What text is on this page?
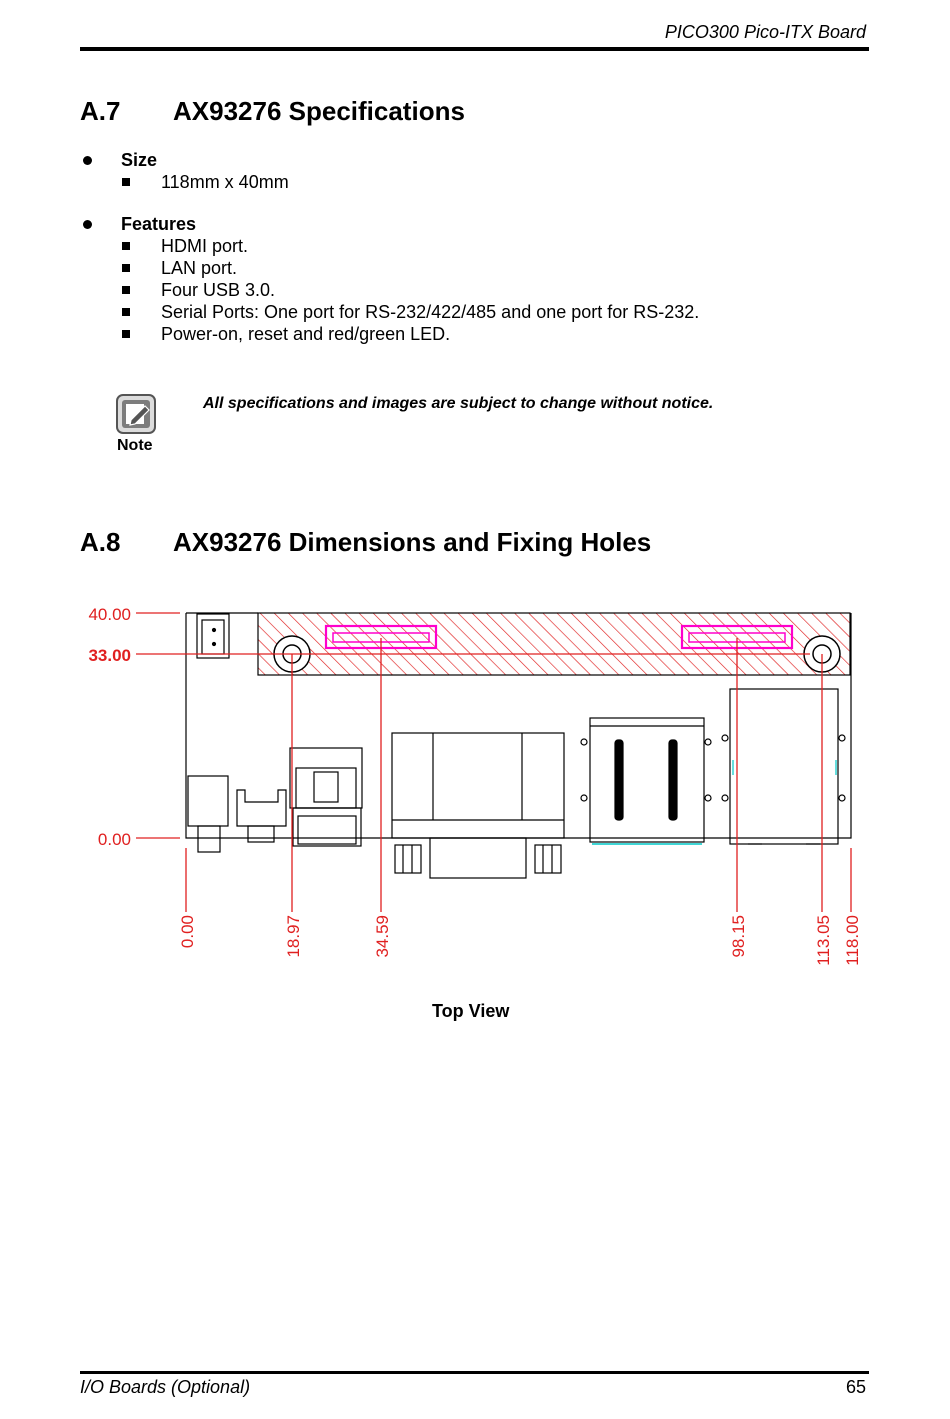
PICO300 Pico-ITX Board
A.7 AX93276 Specifications
Size
118mm x 40mm
Features
HDMI port.
LAN port.
Four USB 3.0.
Serial Ports: One port for RS-232/422/485 and one port for RS-232.
Power-on, reset and red/green LED.
Note
All specifications and images are subject to change without notice.
A.8 AX93276 Dimensions and Fixing Holes
40.00
33.00
0.00
0.00	18.97	34.59	98.15	113.05 118.00
Top View
I/O Boards (Optional)	65
